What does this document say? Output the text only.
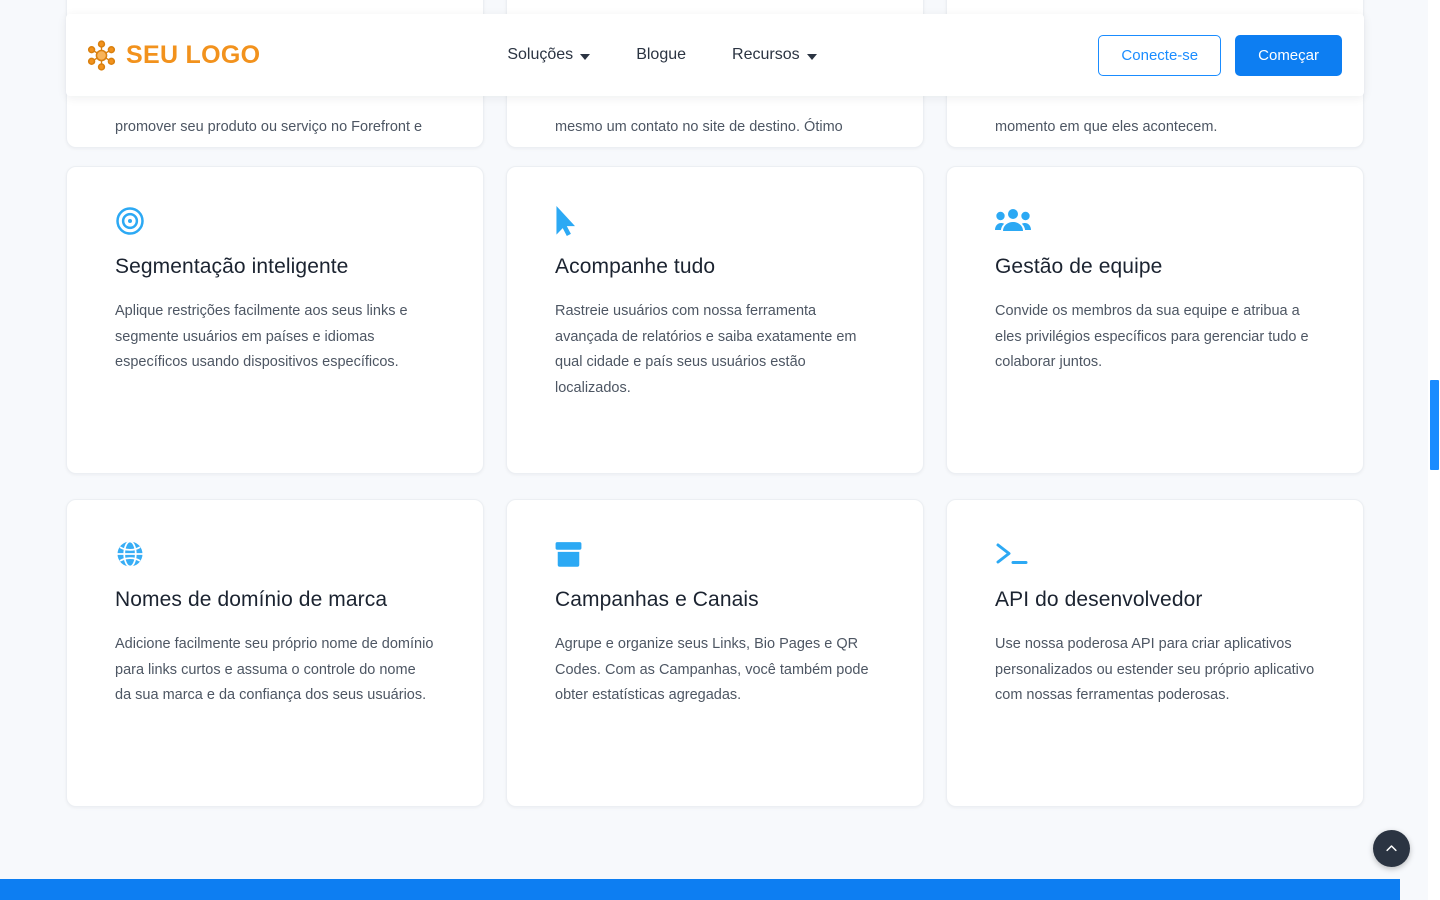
promover seu produto ou serviço no Forefront e	mesmo um contato no site de destino. Ótimo	momento em que eles acontecem.

Segmentação inteligente

Aplique restrições facilmente aos seus links e segmente usuários em países e idiomas específicos usando dispositivos específicos.

Acompanhe tudo

Rastreie usuários com nossa ferramenta avançada de relatórios e saiba exatamente em qual cidade e país seus usuários estão localizados.

Gestão de equipe

Convide os membros da sua equipe e atribua a eles privilégios específicos para gerenciar tudo e colaborar juntos.

Nomes de domínio de marca

Adicione facilmente seu próprio nome de domínio para links curtos e assuma o controle do nome da sua marca e da confiança dos seus usuários.

Campanhas e Canais

Agrupe e organize seus Links, Bio Pages e QR Codes. Com as Campanhas, você também pode obter estatísticas agregadas.

API do desenvolvedor

Use nossa poderosa API para criar aplicativos personalizados ou estender seu próprio aplicativo com nossas ferramentas poderosas.

SEU LOGO	Soluções	Blogue	Recursos	Conecte-se	Começar
